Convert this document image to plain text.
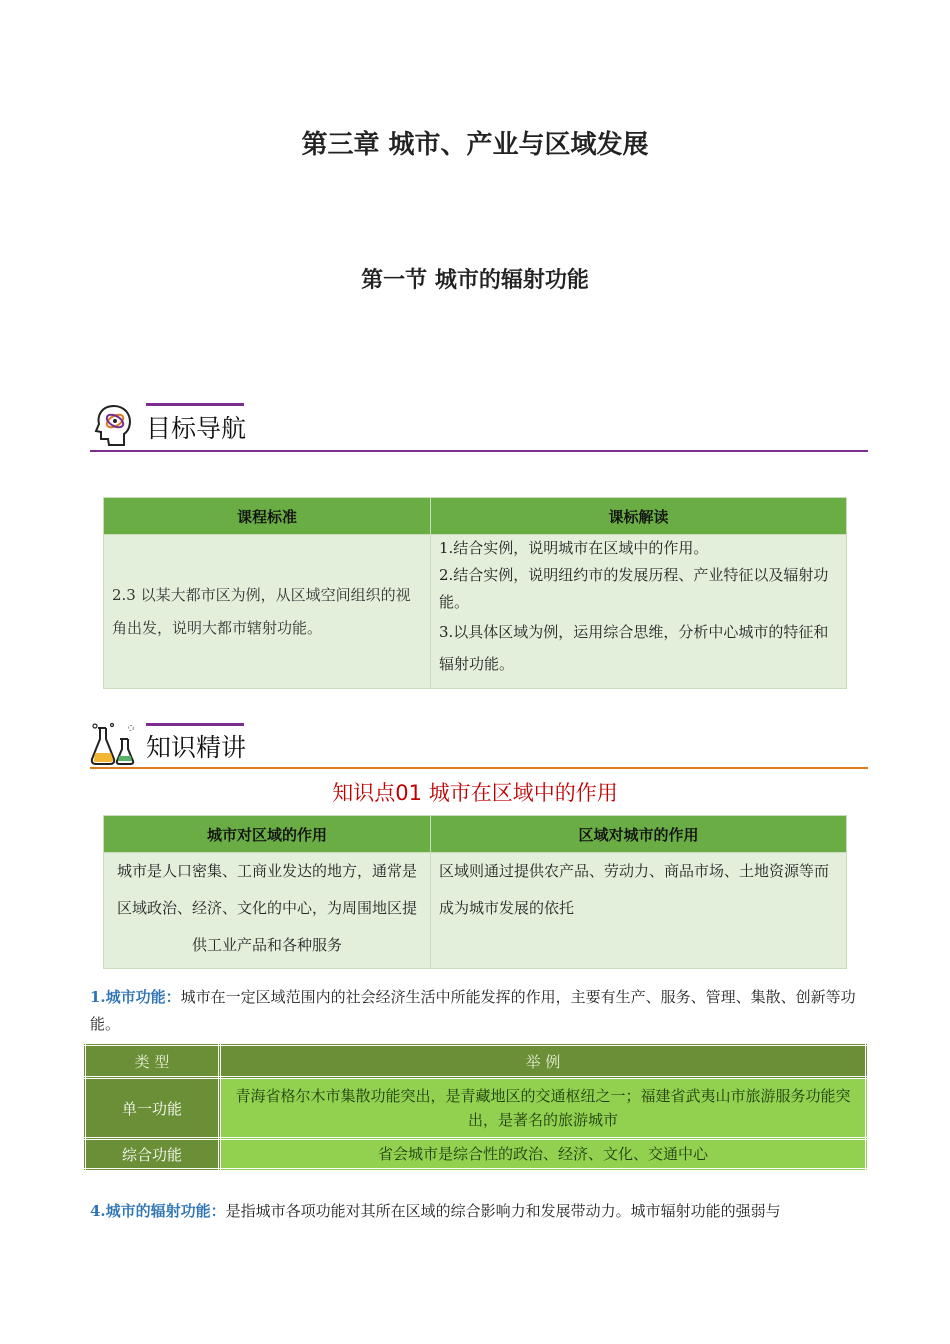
第三章 城市、产业与区域发展
第一节 城市的辐射功能
目标导航
课程标准	课标解读
2.3 以某大都市区为例，从区域空间组织的视角出发，说明大都市辖射功能。	1.结合实例，说明城市在区域中的作用。
2.结合实例，说明纽约市的发展历程、产业特征以及辐射功能。
3.以具体区域为例，运用综合思维，分析中心城市的特征和辐射功能。
知识精讲
知识点01 城市在区域中的作用
城市对区域的作用	区域对城市的作用
城市是人口密集、工商业发达的地方，通常是区域政治、经济、文化的中心，为周围地区提供工业产品和各种服务	区域则通过提供农产品、劳动力、商品市场、土地资源等而成为城市发展的依托
1.城市功能：城市在一定区域范围内的社会经济生活中所能发挥的作用，主要有生产、服务、管理、集散、创新等功能。
类 型	举 例
单一功能	青海省格尔木市集散功能突出，是青藏地区的交通枢纽之一；福建省武夷山市旅游服务功能突出，是著名的旅游城市
综合功能	省会城市是综合性的政治、经济、文化、交通中心
4.城市的辐射功能：是指城市各项功能对其所在区域的综合影响力和发展带动力。城市辐射功能的强弱与
